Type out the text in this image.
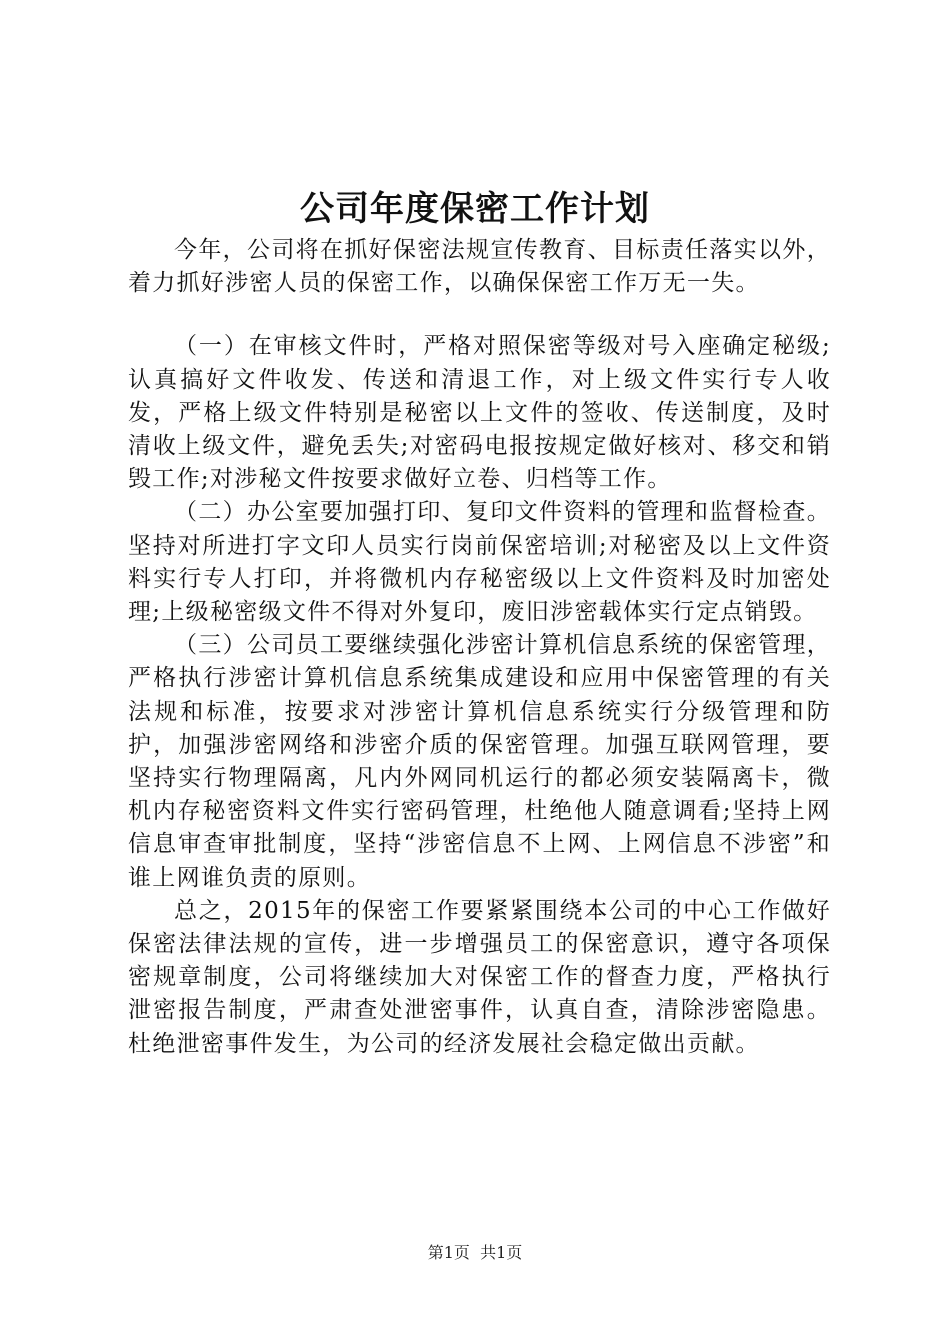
公司年度保密工作计划

今年，公司将在抓好保密法规宣传教育、目标责任落实以外，着力抓好涉密人员的保密工作，以确保保密工作万无一失。

（一）在审核文件时，严格对照保密等级对号入座确定秘级;认真搞好文件收发、传送和清退工作，对上级文件实行专人收发，严格上级文件特别是秘密以上文件的签收、传送制度，及时清收上级文件，避免丢失;对密码电报按规定做好核对、移交和销毁工作;对涉秘文件按要求做好立卷、归档等工作。

（二）办公室要加强打印、复印文件资料的管理和监督检查。坚持对所进打字文印人员实行岗前保密培训;对秘密及以上文件资料实行专人打印，并将微机内存秘密级以上文件资料及时加密处理;上级秘密级文件不得对外复印，废旧涉密载体实行定点销毁。

（三）公司员工要继续强化涉密计算机信息系统的保密管理，严格执行涉密计算机信息系统集成建设和应用中保密管理的有关法规和标准，按要求对涉密计算机信息系统实行分级管理和防护，加强涉密网络和涉密介质的保密管理。加强互联网管理，要坚持实行物理隔离，凡内外网同机运行的都必须安装隔离卡，微机内存秘密资料文件实行密码管理，杜绝他人随意调看;坚持上网信息审查审批制度，坚持“涉密信息不上网、上网信息不涉密”和谁上网谁负责的原则。

总之，2015年的保密工作要紧紧围绕本公司的中心工作做好保密法律法规的宣传，进一步增强员工的保密意识，遵守各项保密规章制度，公司将继续加大对保密工作的督查力度，严格执行泄密报告制度，严肃查处泄密事件，认真自查，清除涉密隐患。杜绝泄密事件发生，为公司的经济发展社会稳定做出贡献。

第1页 共1页
